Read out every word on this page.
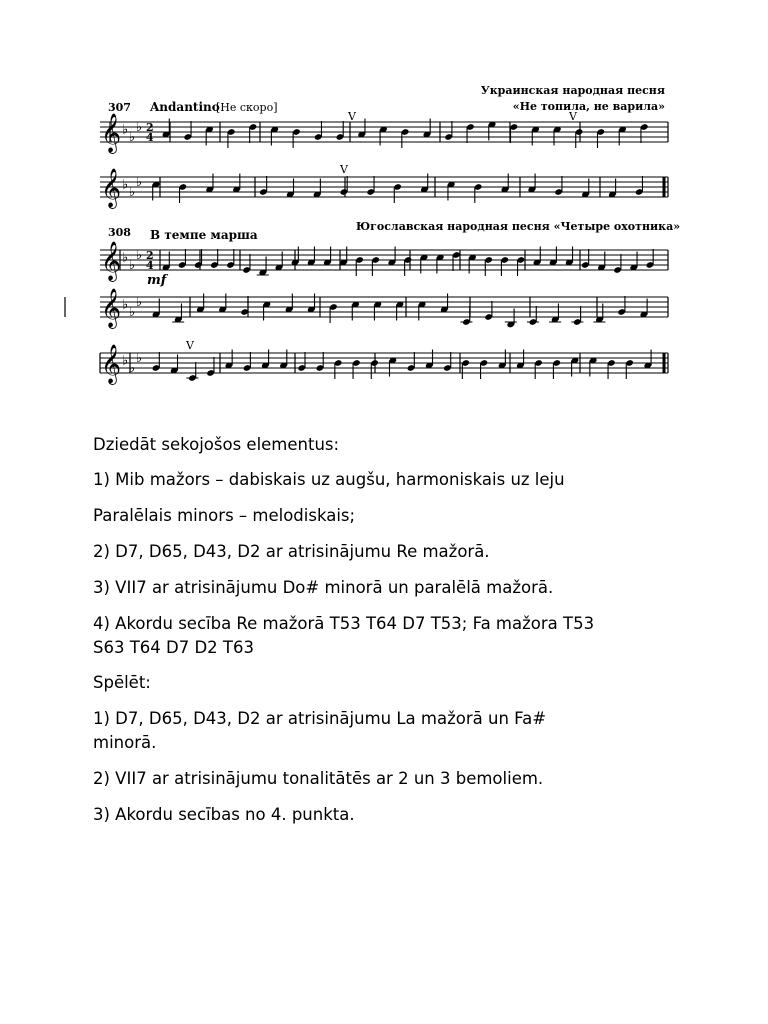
307 Andantino
[Не скоро]
Украинская народная песня
«Не топила, не варила»
308 В темпе марша
Югославская народная песня «Четыре охотника»
mf
V	V
V
V
𝄞 ♭ ♭
♭ 2
4
𝄞 ♭ ♭
♭
𝄞 ♭ ♭
♭ 2
4
𝄞 ♭ ♭
♭
𝄞 ♭ ♭
♭
Dziedāt sekojošos elementus:
1) Mib mažors – dabiskais uz augšu, harmoniskais uz leju
Paralēlais minors – melodiskais;
2) D7, D65, D43, D2 ar atrisinājumu Re mažorā.
3) VII7 ar atrisinājumu Do# minorā un paralēlā mažorā.
4) Akordu secība Re mažorā T53 T64 D7 T53; Fa mažora T53
S63 T64 D7 D2 T63
Spēlēt:
1) D7, D65, D43, D2 ar atrisinājumu La mažorā un Fa#
minorā.
2) VII7 ar atrisinājumu tonalitātēs ar 2 un 3 bemoliem.
3) Akordu secības no 4. punkta.
